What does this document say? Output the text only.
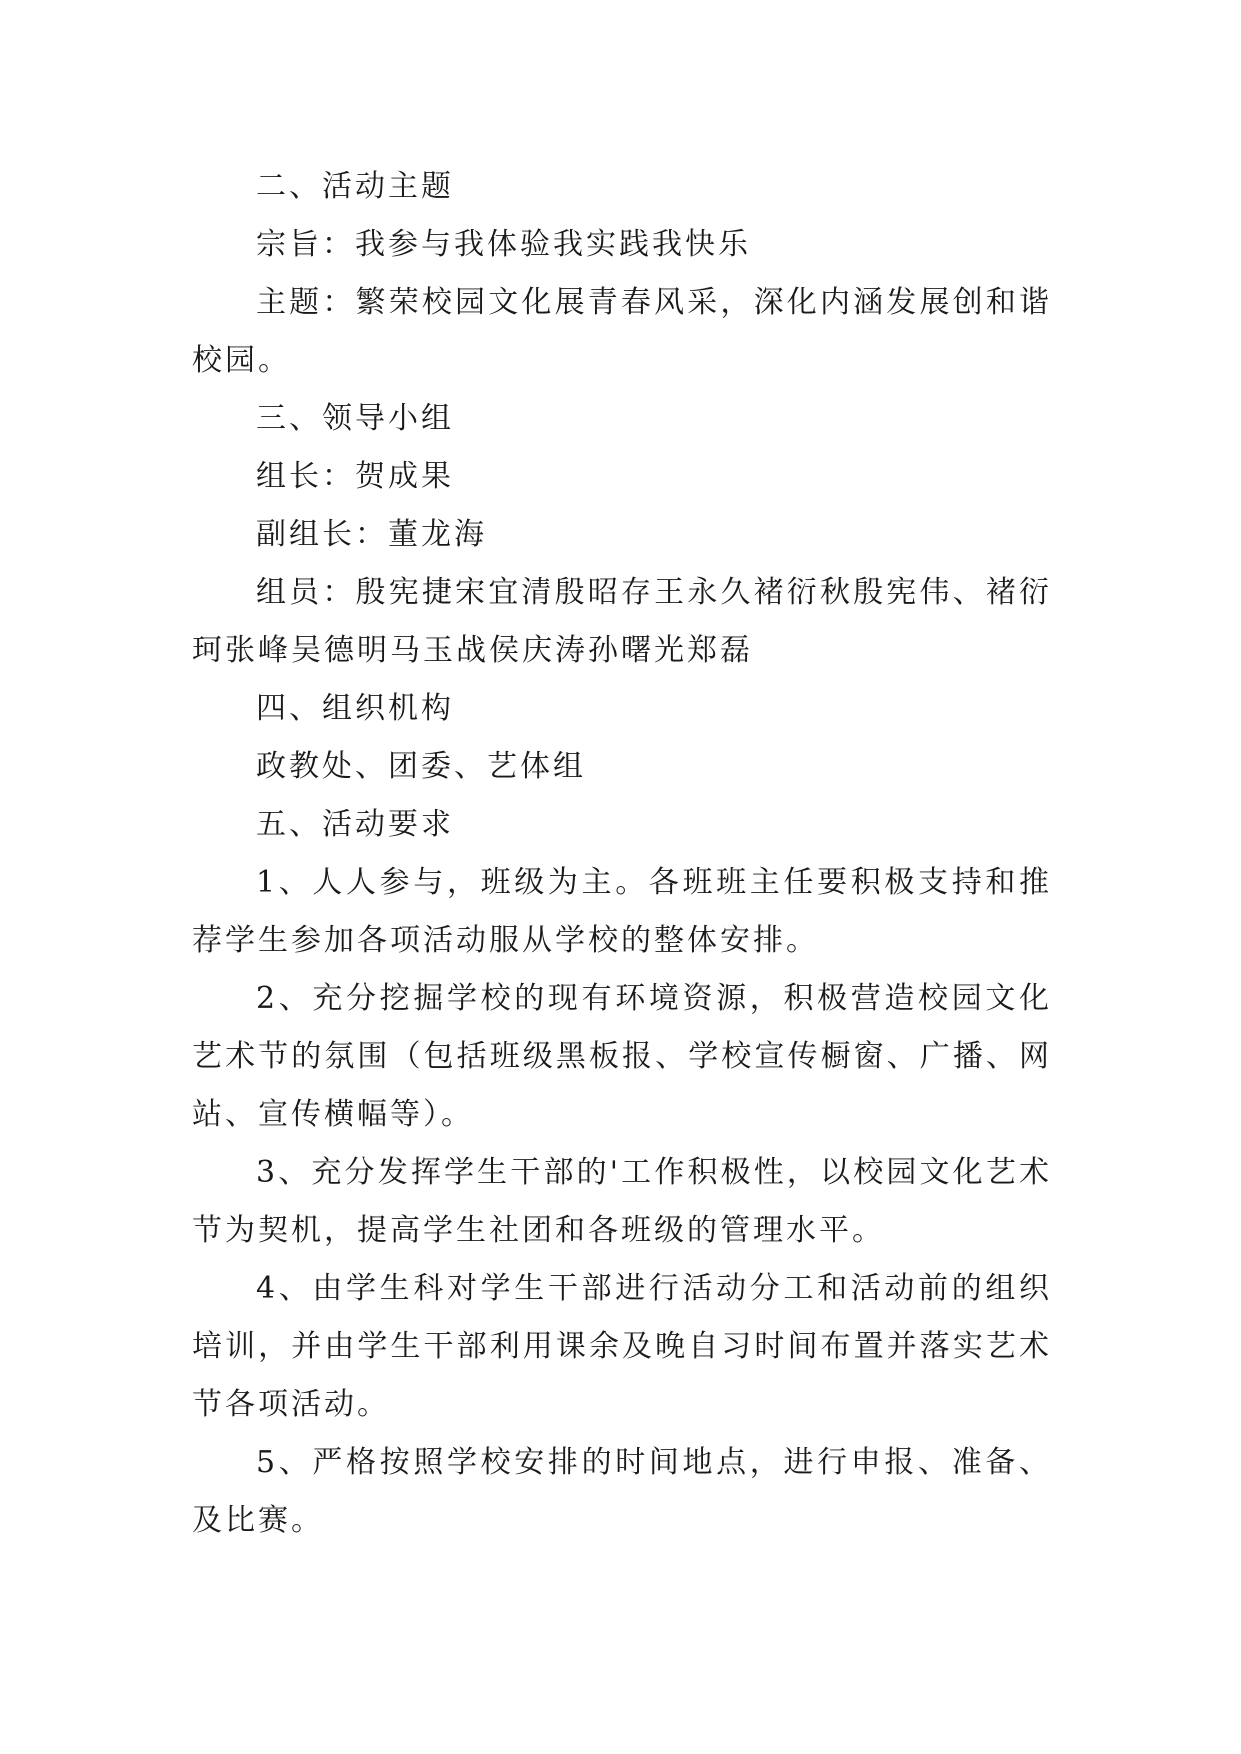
二、活动主题

宗旨：我参与我体验我实践我快乐

主题：繁荣校园文化展青春风采，深化内涵发展创和谐校园。

三、领导小组

组长：贺成果

副组长：董龙海

组员：殷宪捷宋宜清殷昭存王永久褚衍秋殷宪伟、褚衍珂张峰吴德明马玉战侯庆涛孙曙光郑磊

四、组织机构

政教处、团委、艺体组

五、活动要求

1、人人参与，班级为主。各班班主任要积极支持和推荐学生参加各项活动服从学校的整体安排。

2、充分挖掘学校的现有环境资源，积极营造校园文化艺术节的氛围（包括班级黑板报、学校宣传橱窗、广播、网站、宣传横幅等）。

3、充分发挥学生干部的'工作积极性，以校园文化艺术节为契机，提高学生社团和各班级的管理水平。

4、由学生科对学生干部进行活动分工和活动前的组织培训，并由学生干部利用课余及晚自习时间布置并落实艺术节各项活动。

5、严格按照学校安排的时间地点，进行申报、准备、及比赛。
